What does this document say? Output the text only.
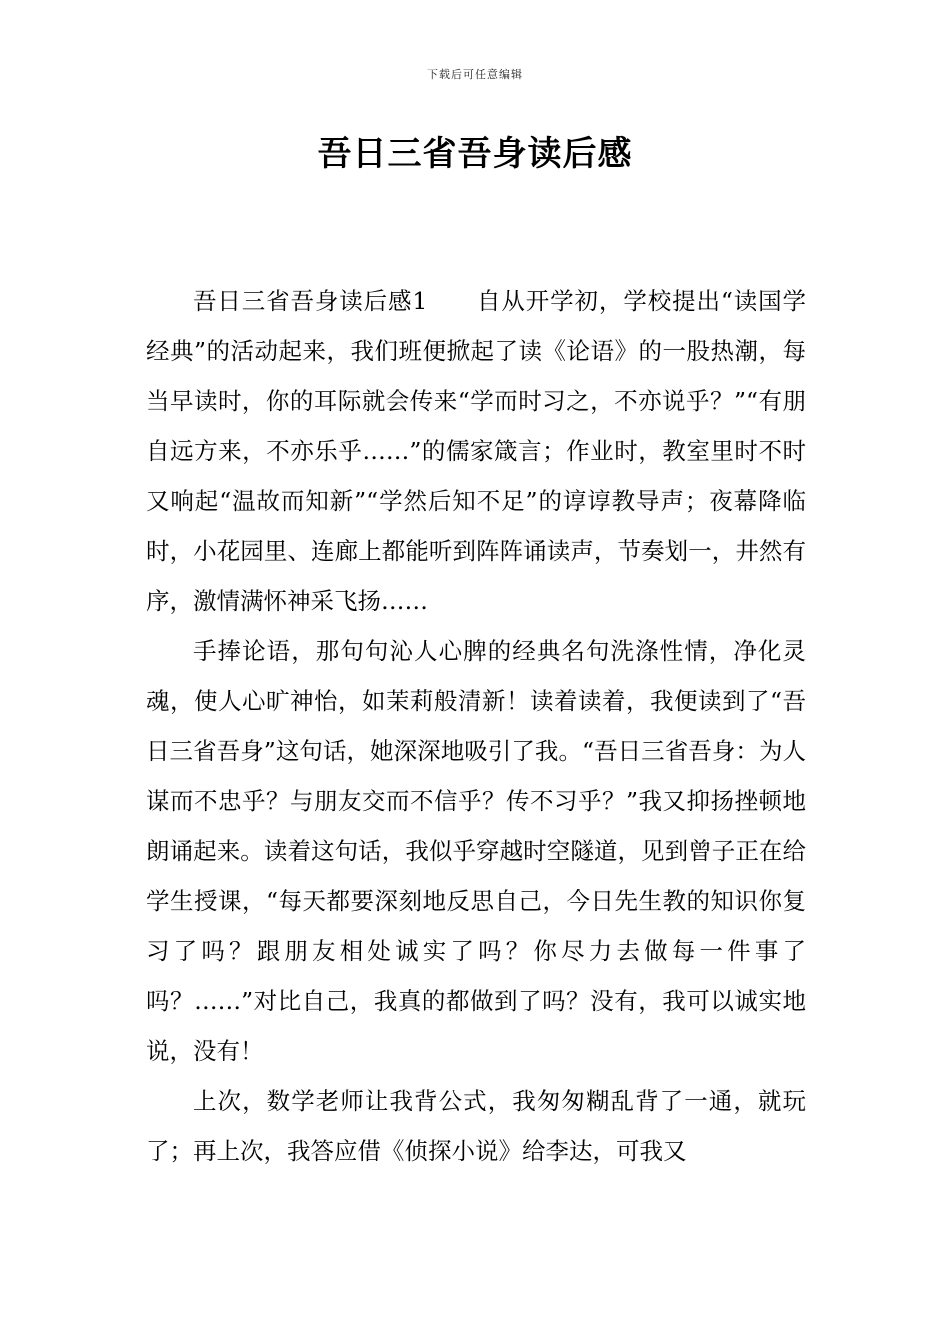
下载后可任意编辑
吾日三省吾身读后感

吾日三省吾身读后感1　　自从开学初，学校提出“读国学经典”的活动起来，我们班便掀起了读《论语》的一股热潮，每当早读时，你的耳际就会传来“学而时习之，不亦说乎？”“有朋自远方来，不亦乐乎……”的儒家箴言；作业时，教室里时不时又响起“温故而知新”“学然后知不足”的谆谆教导声；夜幕降临时，小花园里、连廊上都能听到阵阵诵读声，节奏划一，井然有序，激情满怀神采飞扬……

手捧论语，那句句沁人心脾的经典名句洗涤性情，净化灵魂，使人心旷神怡，如茉莉般清新！读着读着，我便读到了“吾日三省吾身”这句话，她深深地吸引了我。“吾日三省吾身：为人谋而不忠乎？与朋友交而不信乎？传不习乎？”我又抑扬挫顿地朗诵起来。读着这句话，我似乎穿越时空隧道，见到曾子正在给学生授课，“每天都要深刻地反思自己，今日先生教的知识你复习了吗？跟朋友相处诚实了吗？你尽力去做每一件事了吗？……”对比自己，我真的都做到了吗？没有，我可以诚实地说，没有！

上次，数学老师让我背公式，我匆匆糊乱背了一通，就玩了；再上次，我答应借《侦探小说》给李达，可我又
